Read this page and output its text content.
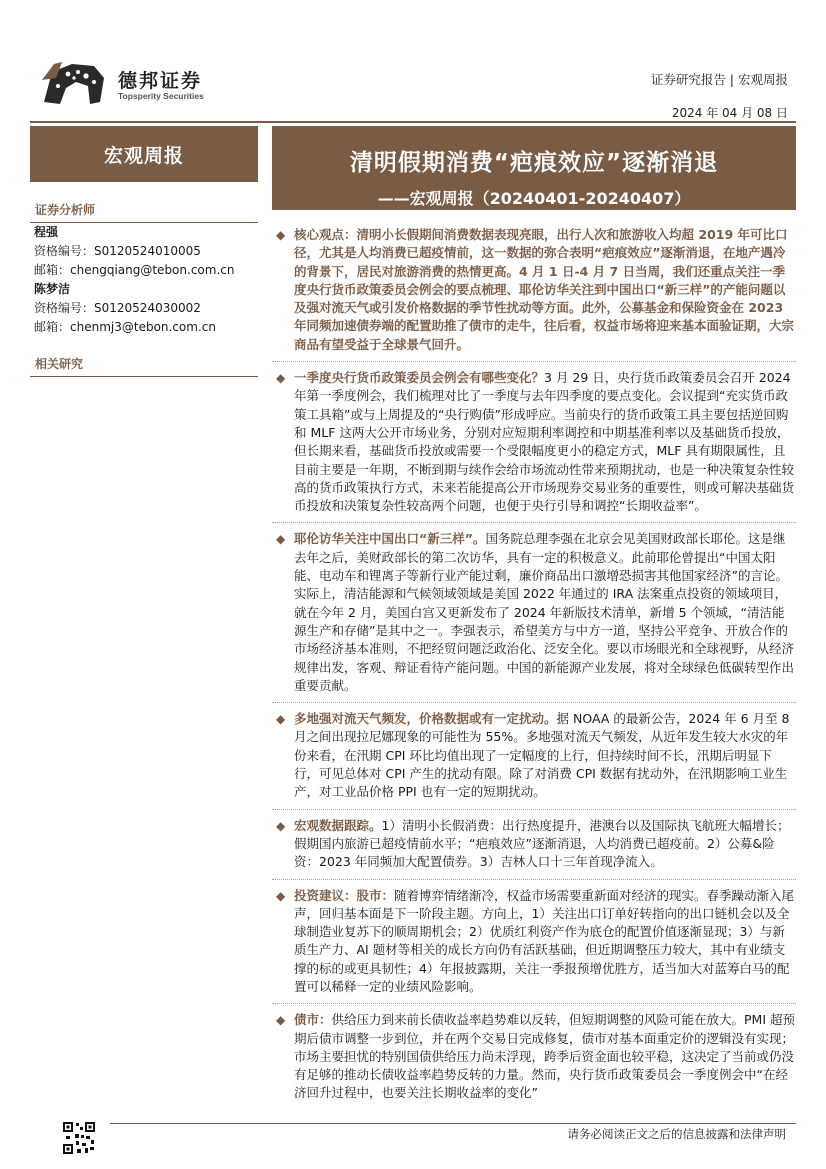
德邦证券
Topsperity Securities
证券研究报告 | 宏观周报
2024 年 04 月 08 日
宏观周报
证券分析师
程强
资格编号：S0120524010005
邮箱：chengqiang@tebon.com.cn
陈梦洁
资格编号：S0120524030002
邮箱：chenmj3@tebon.com.cn
相关研究
清明假期消费“疤痕效应”逐渐消退
——宏观周报（20240401-20240407）
◆ 核心观点：清明小长假期间消费数据表现亮眼，出行人次和旅游收入均超 2019 年可比口径，尤其是人均消费已超疫情前，这一数据的弥合表明“疤痕效应”逐渐消退，在地产遇冷的背景下，居民对旅游消费的热情更高。4 月 1 日-4 月 7 日当周，我们还重点关注一季度央行货币政策委员会例会的要点梳理、耶伦访华关注到中国出口“新三样”的产能问题以及强对流天气或引发价格数据的季节性扰动等方面。此外，公募基金和保险资金在 2023 年同频加速债券端的配置助推了债市的走牛，往后看，权益市场将迎来基本面验证期，大宗商品有望受益于全球景气回升。
◆ 一季度央行货币政策委员会例会有哪些变化？3 月 29 日，央行货币政策委员会召开 2024 年第一季度例会，我们梳理对比了一季度与去年四季度的要点变化。会议提到“充实货币政策工具箱”或与上周提及的“央行购债”形成呼应。当前央行的货币政策工具主要包括逆回购和 MLF 这两大公开市场业务，分别对应短期利率调控和中期基准利率以及基础货币投放，但长期来看，基础货币投放或需要一个受限幅度更小的稳定方式，MLF 具有期限属性，且目前主要是一年期，不断到期与续作会给市场流动性带来预期扰动，也是一种决策复杂性较高的货币政策执行方式，未来若能提高公开市场现券交易业务的重要性，则或可解决基础货币投放和决策复杂性较高两个问题，也便于央行引导和调控“长期收益率”。
◆ 耶伦访华关注中国出口“新三样”。国务院总理李强在北京会见美国财政部长耶伦。这是继去年之后，美财政部长的第二次访华，具有一定的积极意义。此前耶伦曾提出“中国太阳能、电动车和锂离子等新行业产能过剩，廉价商品出口激增恐损害其他国家经济”的言论。实际上，清洁能源和气候领域领域是美国 2022 年通过的 IRA 法案重点投资的领域项目，就在今年 2 月，美国白宫又更新发布了 2024 年新版技术清单，新增 5 个领域，“清洁能源生产和存储”是其中之一。李强表示，希望美方与中方一道，坚持公平竞争、开放合作的市场经济基本准则，不把经贸问题泛政治化、泛安全化。要以市场眼光和全球视野，从经济规律出发，客观、辩证看待产能问题。中国的新能源产业发展，将对全球绿色低碳转型作出重要贡献。
◆ 多地强对流天气频发，价格数据或有一定扰动。据 NOAA 的最新公告，2024 年 6 月至 8 月之间出现拉尼娜现象的可能性为 55%。多地强对流天气频发，从近年发生较大水灾的年份来看，在汛期 CPI 环比均值出现了一定幅度的上行，但持续时间不长，汛期后明显下行，可见总体对 CPI 产生的扰动有限。除了对消费 CPI 数据有扰动外，在汛期影响工业生产，对工业品价格 PPI 也有一定的短期扰动。
◆ 宏观数据跟踪。1）清明小长假消费：出行热度提升，港澳台以及国际执飞航班大幅增长；假期国内旅游已超疫情前水平；“疤痕效应”逐渐消退，人均消费已超疫前。2）公募&险资：2023 年同频加大配置债券。3）吉林人口十三年首现净流入。
◆ 投资建议：股市：随着博弈情绪渐冷，权益市场需要重新面对经济的现实。春季躁动渐入尾声，回归基本面是下一阶段主题。方向上，1）关注出口订单好转指向的出口链机会以及全球制造业复苏下的顺周期机会；2）优质红利资产作为底仓的配置价值逐渐显现；3）与新质生产力、AI 题材等相关的成长方向仍有活跃基础，但近期调整压力较大，其中有业绩支撑的标的或更具韧性；4）年报披露期，关注一季报预增优胜方，适当加大对蓝筹白马的配置可以稀释一定的业绩风险影响。
◆ 债市：供给压力到来前长债收益率趋势难以反转，但短期调整的风险可能在放大。PMI 超预期后债市调整一步到位，并在两个交易日完成修复，债市对基本面重定价的逻辑没有实现；市场主要担忧的特别国债供给压力尚未浮现，跨季后资金面也较平稳，这决定了当前或仍没有足够的推动长债收益率趋势反转的力量。然而，央行货币政策委员会一季度例会中“在经济回升过程中，也要关注长期收益率的变化”
请务必阅读正文之后的信息披露和法律声明
